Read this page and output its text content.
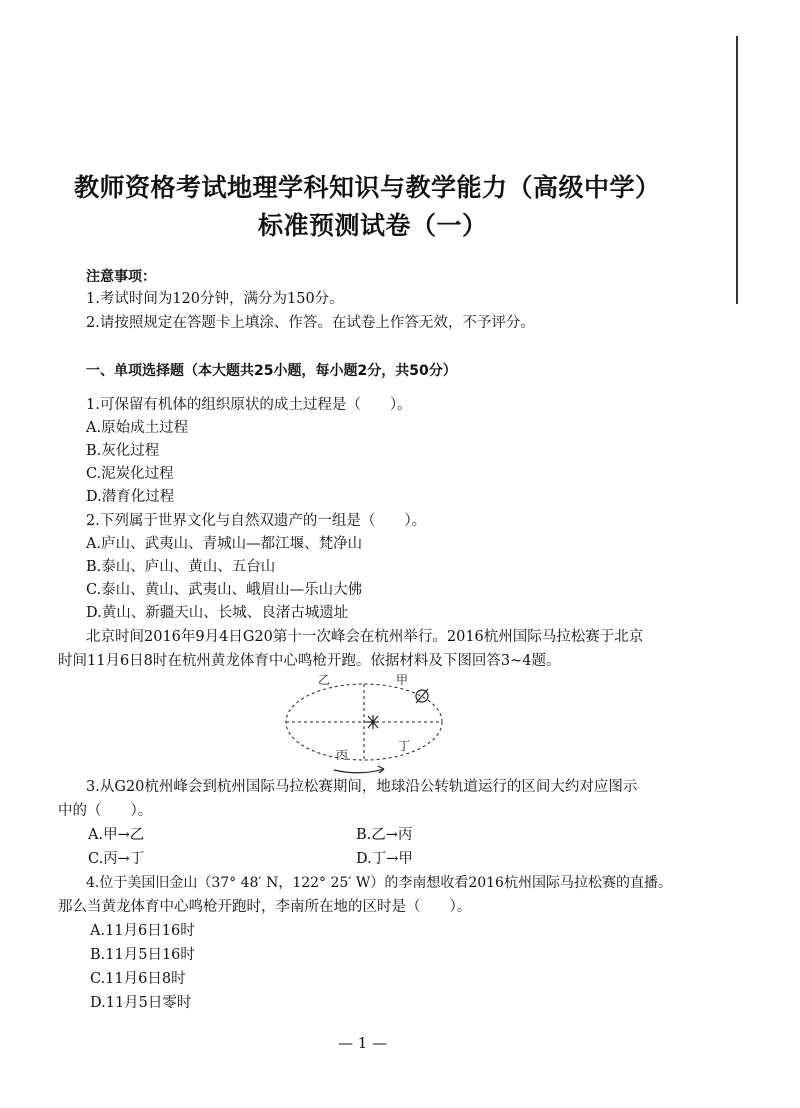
教师资格考试地理学科知识与教学能力（高级中学）
标准预测试卷（一）
注意事项：
1.考试时间为120分钟，满分为150分。
2.请按照规定在答题卡上填涂、作答。在试卷上作答无效，不予评分。
一、单项选择题（本大题共25小题，每小题2分，共50分）
1.可保留有机体的组织原状的成土过程是（　　）。
A.原始成土过程
B.灰化过程
C.泥炭化过程
D.潜育化过程
2.下列属于世界文化与自然双遗产的一组是（　　）。
A.庐山、武夷山、青城山—都江堰、梵净山
B.泰山、庐山、黄山、五台山
C.泰山、黄山、武夷山、峨眉山—乐山大佛
D.黄山、新疆天山、长城、良渚古城遗址
北京时间2016年9月4日G20第十一次峰会在杭州举行。2016杭州国际马拉松赛于北京
时间11月6日8时在杭州黄龙体育中心鸣枪开跑。依据材料及下图回答3~4题。
乙	甲
丙
丁
3.从G20杭州峰会到杭州国际马拉松赛期间，地球沿公转轨道运行的区间大约对应图示
中的（　　）。
A.甲→乙	B.乙→丙
C.丙→丁	D.丁→甲
4.位于美国旧金山（37° 48′ N，122° 25′ W）的李南想收看2016杭州国际马拉松赛的直播。
那么当黄龙体育中心鸣枪开跑时，李南所在地的区时是（　　）。
A.11月6日16时
B.11月5日16时
C.11月6日8时
D.11月5日零时
— 1 —
